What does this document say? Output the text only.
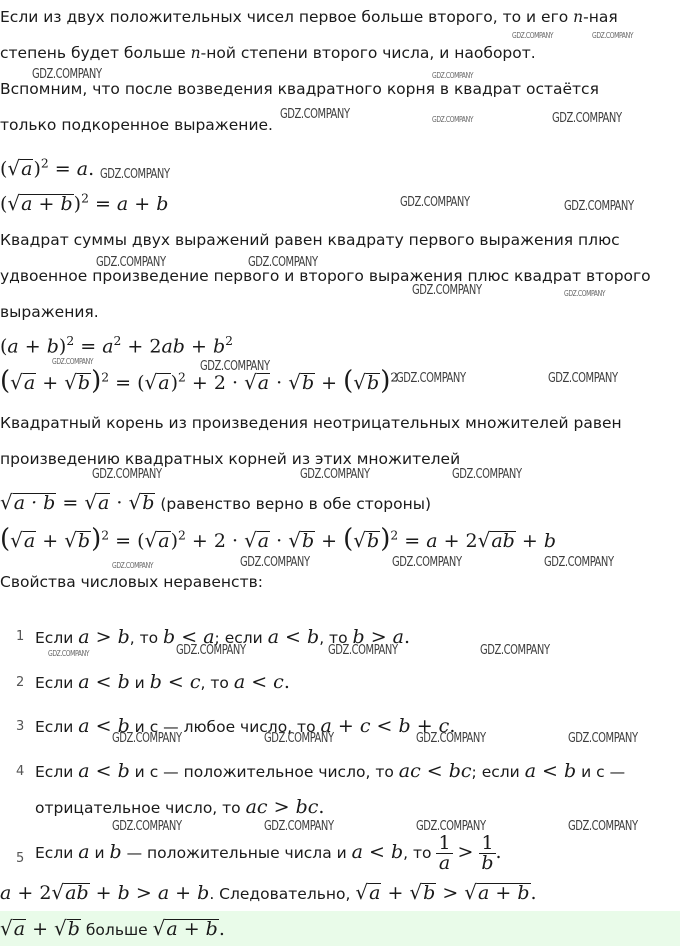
Если из двух положительных чисел первое больше второго, то и его n-ная
степень будет больше n-ной степени второго числа, и наоборот.
Вспомним, что после возведения квадратного корня в квадрат остаётся
только подкоренное выражение.
$(√a)^2 = a$.
$(√a + b)^2 = a + b$
Квадрат суммы двух выражений равен квадрату первого выражения плюс
удвоенное произведение первого и второго выражения плюс квадрат второго
выражения.
$(a + b)^2 = a^2 + 2ab + b^2$
$(√a + √b)^2 = (√a)^2 + 2 \cdot √a \cdot √b + (√b)^2$
Квадратный корень из произведения неотрицательных множителей равен
произведению квадратных корней из этих множителей
√a · b = √a · √b (равенство верно в обе стороны)
$(√a + √b)^2 = (√a)^2 + 2 \cdot √a \cdot √b + (√b)^2 = a + 2√ab + b$
Свойства числовых неравенств:
1 Если a > b, то b < a; если a < b, то b > a.
2 Если a < b и b < c, то a < c.
3 Если a < b и c — любое число, то a + c < b + c.
4 Если a < b и c — положительное число, то ac < bc; если a < b и c —
отрицательное число, то ac > bc.
5 Если a и b — положительные числа и a < b, то $\frac{1}{a} > \frac{1}{b}$ .
a + 2√ab + b > a + b. Следовательно, √a + √b > √a + b.
√a + √b больше √a + b.
GDZ.COMPANY	GDZ.COMPANY
GDZ.COMPANY	GDZ.COMPANY
GDZ.COMPANY	GDZ.COMPANY	GDZ.COMPANY
GDZ.COMPANY
GDZ.COMPANY	GDZ.COMPANY
GDZ.COMPANY	GDZ.COMPANY
GDZ.COMPANY	GDZ.COMPANY
GDZ.COMPANY	GDZ.COMPANY
GDZ.COMPANY	GDZ.COMPANY
GDZ.COMPANY	GDZ.COMPANY	GDZ.COMPANY
GDZ.COMPANY	GDZ.COMPANY	GDZ.COMPANY	GDZ.COMPANY
GDZ.COMPANY	GDZ.COMPANY	GDZ.COMPANY	GDZ.COMPANY
GDZ.COMPANY	GDZ.COMPANY	GDZ.COMPANY	GDZ.COMPANY
GDZ.COMPANY	GDZ.COMPANY	GDZ.COMPANY	GDZ.COMPANY
